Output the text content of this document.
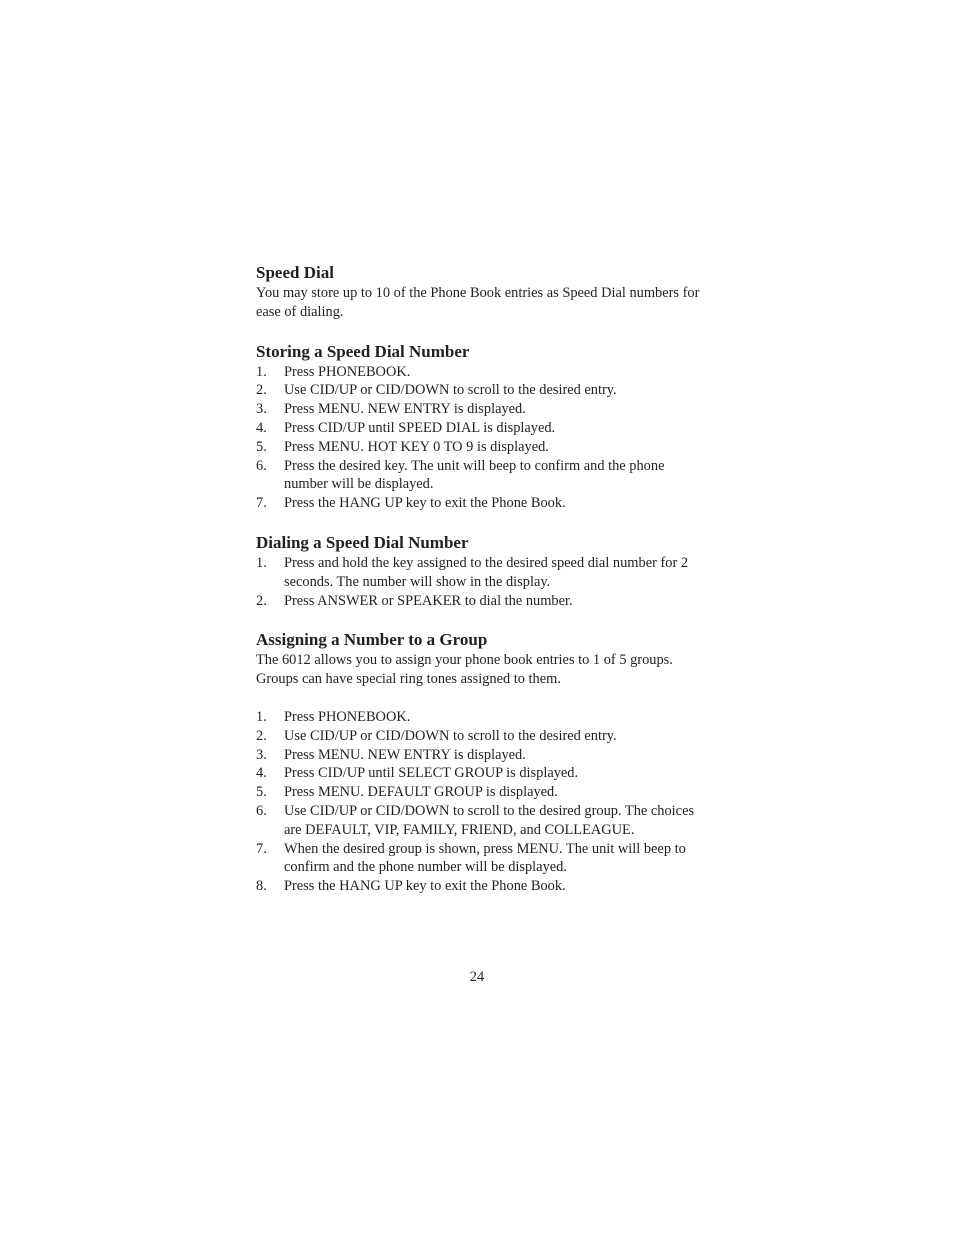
Speed Dial

You may store up to 10 of the Phone Book entries as Speed Dial numbers for ease of dialing.

Storing a Speed Dial Number
1. Press PHONEBOOK.
2. Use CID/UP or CID/DOWN to scroll to the desired entry.
3. Press MENU. NEW ENTRY is displayed.
4. Press CID/UP until SPEED DIAL is displayed.
5. Press MENU. HOT KEY 0 TO 9 is displayed.
6. Press the desired key. The unit will beep to confirm and the phone number will be displayed.
7. Press the HANG UP key to exit the Phone Book.
Dialing a Speed Dial Number
1. Press and hold the key assigned to the desired speed dial number for 2 seconds. The number will show in the display.
2. Press ANSWER or SPEAKER to dial the number.
Assigning a Number to a Group

The 6012 allows you to assign your phone book entries to 1 of 5 groups. Groups can have special ring tones assigned to them.

1. Press PHONEBOOK.
2. Use CID/UP or CID/DOWN to scroll to the desired entry.
3. Press MENU. NEW ENTRY is displayed.
4. Press CID/UP until SELECT GROUP is displayed.
5. Press MENU. DEFAULT GROUP is displayed.
6. Use CID/UP or CID/DOWN to scroll to the desired group. The choices are DEFAULT, VIP, FAMILY, FRIEND, and COLLEAGUE.
7. When the desired group is shown, press MENU. The unit will beep to confirm and the phone number will be displayed.
8. Press the HANG UP key to exit the Phone Book.
24
